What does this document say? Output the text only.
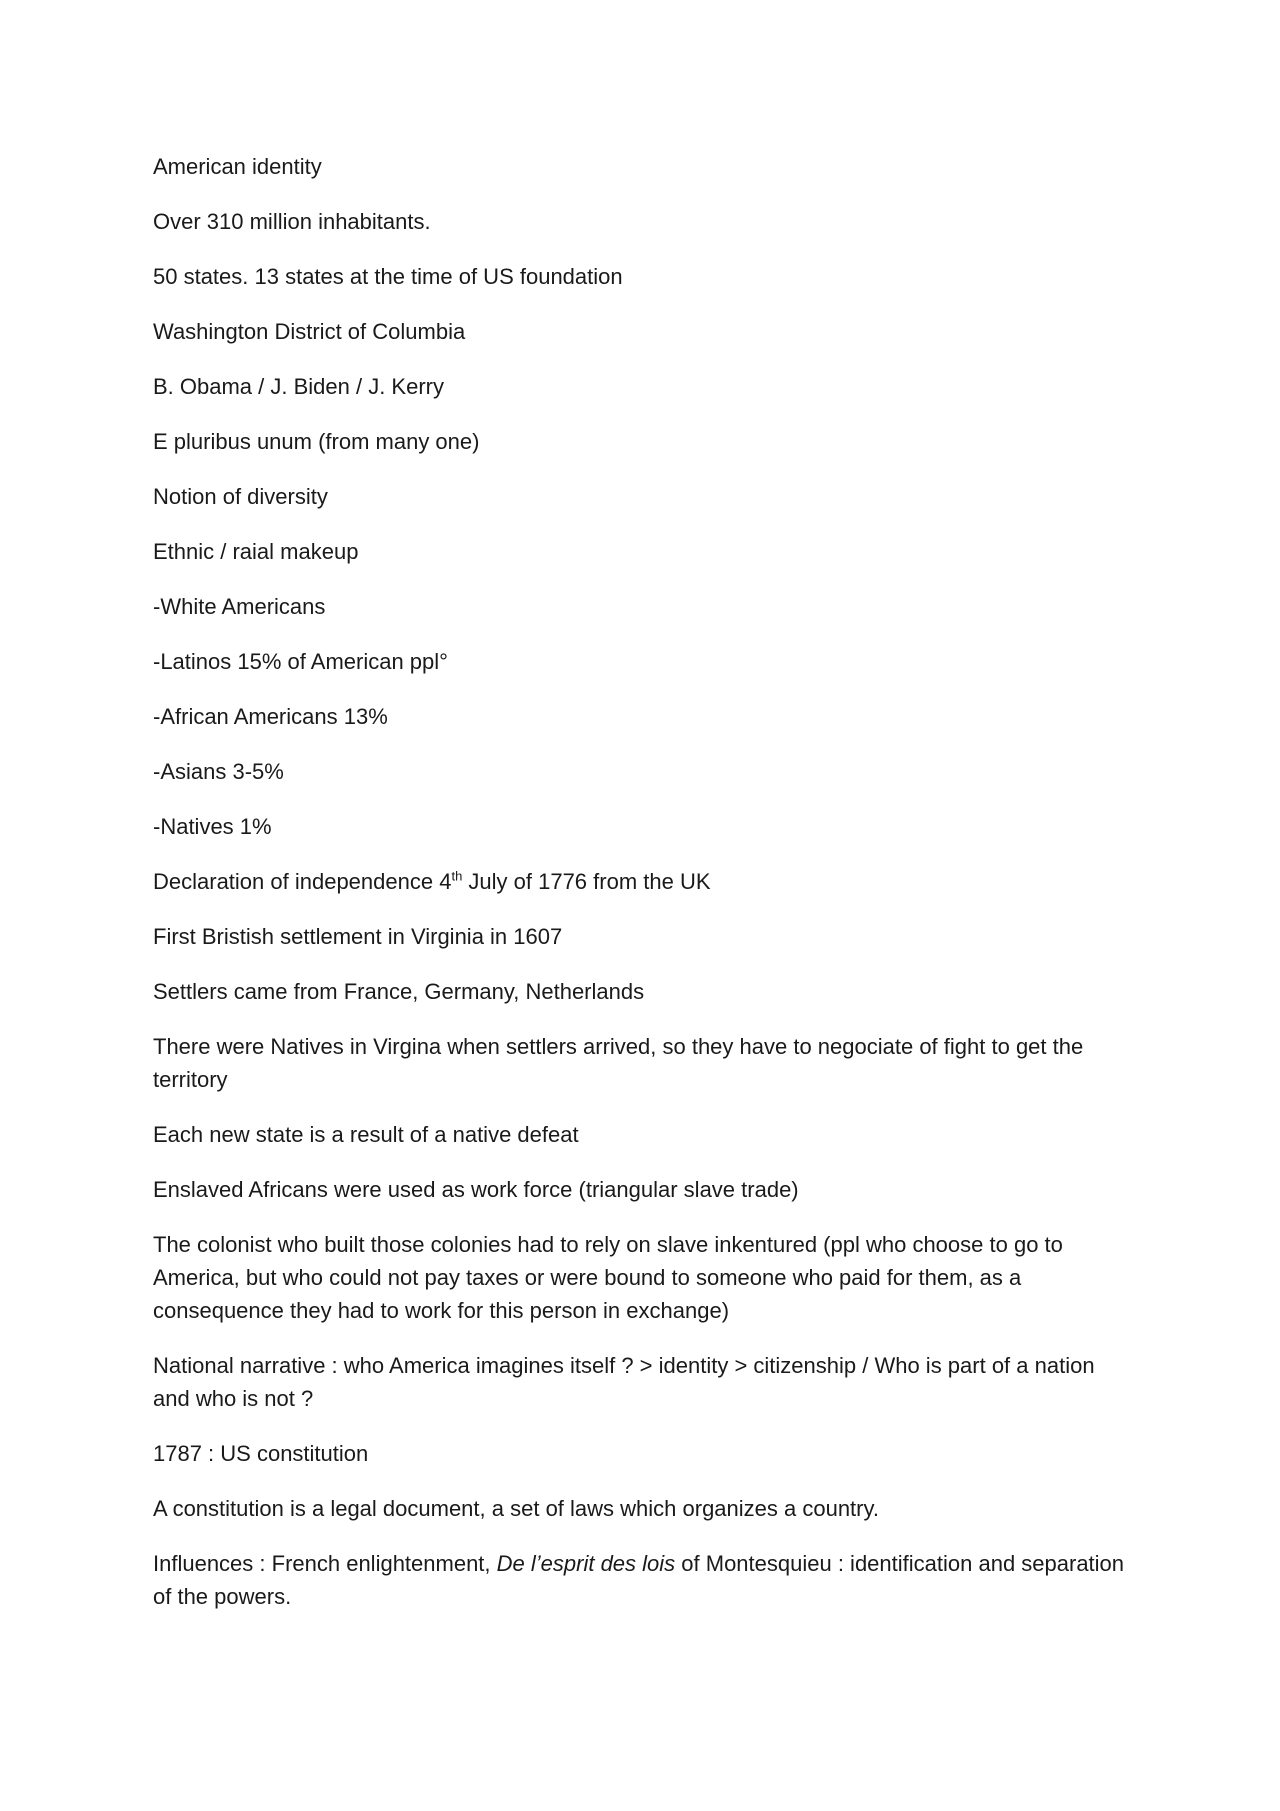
American identity

Over 310 million inhabitants.

50 states. 13 states at the time of US foundation

Washington District of Columbia

B. Obama / J. Biden / J. Kerry

E pluribus unum (from many one)

Notion of diversity

Ethnic / raial makeup

-White Americans

-Latinos 15% of American ppl°

-African Americans 13%

-Asians 3-5%

-Natives 1%

Declaration of independence 4th July of 1776 from the UK

First Bristish settlement in Virginia in 1607

Settlers came from France, Germany, Netherlands

There were Natives in Virgina when settlers arrived, so they have to negociate of fight to get the territory

Each new state is a result of a native defeat

Enslaved Africans were used as work force (triangular slave trade)

The colonist who built those colonies had to rely on slave inkentured (ppl who choose to go to America, but who could not pay taxes or were bound to someone who paid for them, as a consequence they had to work for this person in exchange)

National narrative : who America imagines itself ? > identity > citizenship / Who is part of a nation and who is not ?

1787 : US constitution

A constitution is a legal document, a set of laws which organizes a country.

Influences : French enlightenment, De l’esprit des lois of Montesquieu : identification and separation of the powers.
